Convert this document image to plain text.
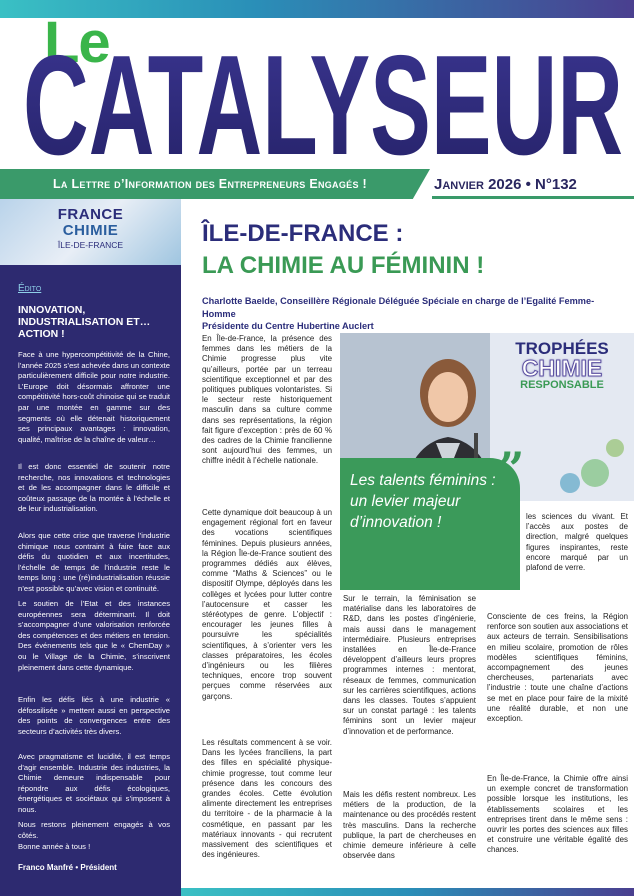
Le
CATALYSEUR
La Lettre d’Information des Entrepreneurs Engagés !	Janvier 2026 • N°132
FRANCE
CHIMIE
ÎLE-DE-FRANCE
Édito
INNOVATION, INDUSTRIALISATION ET… ACTION !

Face à une hypercompétitivité de la Chine, l’année 2025 s’est achevée dans un contexte particulièrement difficile pour notre industrie. L’Europe doit désormais affronter une compétitivité hors-coût chinoise qui se traduit par une montée en gamme sur des segments où elle détenait historiquement ses principaux avantages : innovation, qualité, maîtrise de la chaîne de valeur…

Il est donc essentiel de soutenir notre recherche, nos innovations et technologies et de les accompagner dans le difficile et coûteux passage de la montée à l’échelle et de leur industrialisation.

Alors que cette crise que traverse l’industrie chimique nous contraint à faire face aux défis du quotidien et aux incertitudes, l’échelle de temps de l’industrie reste le temps long : une (ré)industrialisation réussie n’est possible qu’avec vision et continuité.

Le soutien de l’Etat et des instances européennes sera déterminant. Il doit s’accompagner d’une valorisation renforcée des compétences et des métiers en tension. Des événements tels que le « ChemDay » ou le Village de la Chimie, s’inscrivent pleinement dans cette dynamique.

Enfin les défis liés à une industrie « défossilisée » mettent aussi en perspective des points de convergences entre des secteurs d’activités très divers.

Avec pragmatisme et lucidité, il est temps d’agir ensemble. Industrie des industries, la Chimie demeure indispensable pour répondre aux défis écologiques, énergétiques et sociétaux qui s’imposent à nous.

Nous restons pleinement engagés à vos côtés.

Bonne année à tous !

Franco Manfré • Président
ÎLE-DE-FRANCE :
LA CHIMIE AU FÉMININ !
Charlotte Baelde, Conseillère Régionale Déléguée Spéciale en charge de l’Egalité Femme-Homme
Présidente du Centre Hubertine Auclert
TROPHÉES
CHIMIE
RESPONSABLE
”
Les talents féminins : un levier majeur d’innovation !

En Île-de-France, la présence des femmes dans les métiers de la Chimie progresse plus vite qu’ailleurs, portée par un terreau scientifique exceptionnel et par des politiques publiques volontaristes. Si le secteur reste historiquement masculin dans sa culture comme dans ses représentations, la région fait figure d’exception : près de 60 % des cadres de la Chimie francilienne sont aujourd’hui des femmes, un chiffre inédit à l’échelle nationale.

Cette dynamique doit beaucoup à un engagement régional fort en faveur des vocations scientifiques féminines. Depuis plusieurs années, la Région Île-de-France soutient des programmes dédiés aux élèves, comme “Maths & Sciences” ou le dispositif Olympe, déployés dans les collèges et lycées pour lutter contre l’autocensure et casser les stéréotypes de genre. L’objectif : encourager les jeunes filles à poursuivre les spécialités scientifiques, à s’orienter vers les classes préparatoires, les écoles d’ingénieurs ou les filières techniques, encore trop souvent perçues comme réservées aux garçons.

Les résultats commencent à se voir. Dans les lycées franciliens, la part des filles en spécialité physique-chimie progresse, tout comme leur présence dans les concours des grandes écoles. Cette évolution alimente directement les entreprises du territoire - de la pharmacie à la cosmétique, en passant par les matériaux innovants - qui recrutent massivement des scientifiques et des ingénieures.

Sur le terrain, la féminisation se matérialise dans les laboratoires de R&D, dans les postes d’ingénierie, mais aussi dans le management intermédiaire. Plusieurs entreprises installées en Île-de-France développent d’ailleurs leurs propres programmes internes : mentorat, réseaux de femmes, communication sur les carrières scientifiques, actions dans les classes. Toutes s’appuient sur un constat partagé : les talents féminins sont un levier majeur d’innovation et de performance.

Mais les défis restent nombreux. Les métiers de la production, de la maintenance ou des procédés restent très masculins. Dans la recherche publique, la part de chercheuses en chimie demeure inférieure à celle observée dans

les sciences du vivant. Et l’accès aux postes de direction, malgré quelques figures inspirantes, reste encore marqué par un plafond de verre.

Consciente de ces freins, la Région renforce son soutien aux associations et aux acteurs de terrain. Sensibilisations en milieu scolaire, promotion de rôles modèles scientifiques féminins, accompagnement des jeunes chercheuses, partenariats avec l’industrie : toute une chaîne d’actions se met en place pour faire de la mixité une réalité durable, et non une exception.

En Île-de-France, la Chimie offre ainsi un exemple concret de transformation possible lorsque les institutions, les établissements scolaires et les entreprises tirent dans le même sens : ouvrir les portes des sciences aux filles et construire une véritable égalité des chances.
